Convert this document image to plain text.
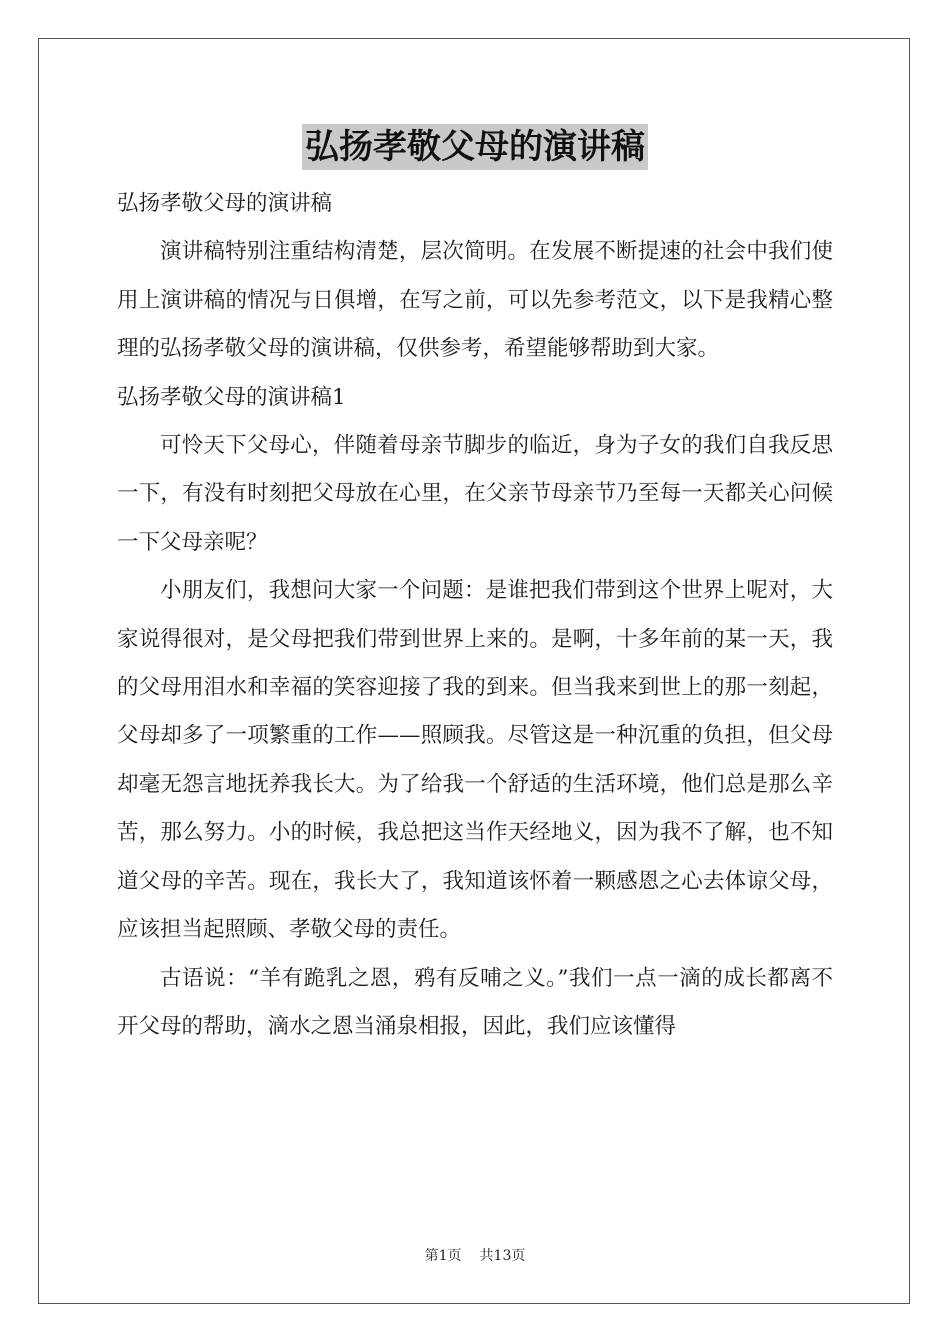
弘扬孝敬父母的演讲稿

弘扬孝敬父母的演讲稿

演讲稿特别注重结构清楚，层次简明。在发展不断提速的社会中我们使用上演讲稿的情况与日俱增，在写之前，可以先参考范文，以下是我精心整理的弘扬孝敬父母的演讲稿，仅供参考，希望能够帮助到大家。

弘扬孝敬父母的演讲稿1

可怜天下父母心，伴随着母亲节脚步的临近，身为子女的我们自我反思一下，有没有时刻把父母放在心里，在父亲节母亲节乃至每一天都关心问候一下父母亲呢？

小朋友们，我想问大家一个问题：是谁把我们带到这个世界上呢对，大家说得很对，是父母把我们带到世界上来的。是啊，十多年前的某一天，我的父母用泪水和幸福的笑容迎接了我的到来。但当我来到世上的那一刻起，父母却多了一项繁重的工作——照顾我。尽管这是一种沉重的负担，但父母却毫无怨言地抚养我长大。为了给我一个舒适的生活环境，他们总是那么辛苦，那么努力。小的时候，我总把这当作天经地义，因为我不了解，也不知道父母的辛苦。现在，我长大了，我知道该怀着一颗感恩之心去体谅父母，应该担当起照顾、孝敬父母的责任。

古语说：“羊有跪乳之恩，鸦有反哺之义。”我们一点一滴的成长都离不开父母的帮助，滴水之恩当涌泉相报，因此，我们应该懂得

第1页 共13页
